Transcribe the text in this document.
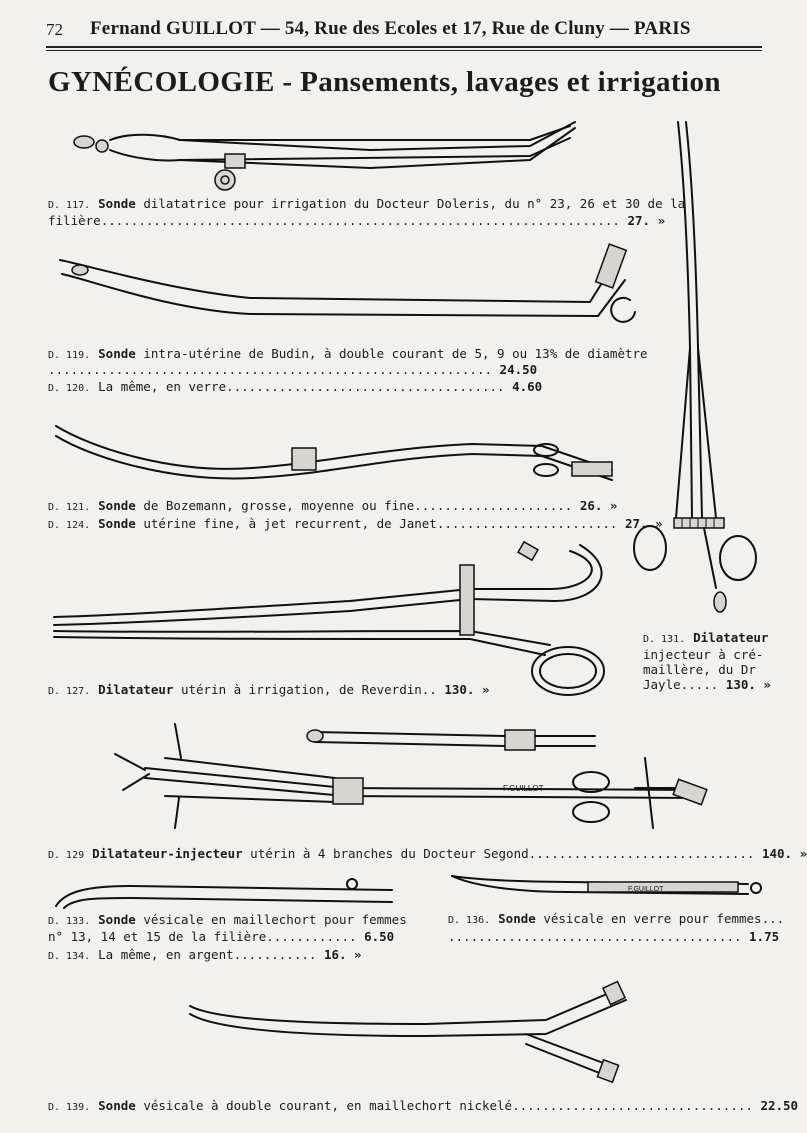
72 Fernand GUILLOT — 54, Rue des Ecoles et 17, Rue de Cluny — PARIS
GYNÉCOLOGIE - Pansements, lavages et irrigation
D. 117. Sonde dilatatrice pour irrigation du Docteur Doleris, du n° 23, 26 et 30 de la
filière..................................................................... 27. »
D. 119. Sonde intra-utérine de Budin, à double courant de 5, 9 ou 13% de diamètre
........................................................... 24.50
D. 120. La même, en verre..................................... 4.60
D. 121. Sonde de Bozemann, grosse, moyenne ou fine..................... 26. »
D. 124. Sonde utérine fine, à jet recurrent, de Janet........................ 27. »
D. 127. Dilatateur utérin à irrigation, de Reverdin.. 130. »
D. 131. Dilatateur
injecteur à cré-
maillère, du Dr
Jayle..... 130. »
F.GUILLOT
D. 129 Dilatateur-injecteur utérin à 4 branches du Docteur Segond.............................. 140. »
F.GUILLOT
D. 133. Sonde vésicale en maillechort pour femmes
n° 13, 14 et 15 de la filière............ 6.50
D. 134. La même, en argent........... 16. »
D. 136. Sonde vésicale en verre pour femmes...
....................................... 1.75
D. 139. Sonde vésicale à double courant, en maillechort nickelé................................ 22.50
